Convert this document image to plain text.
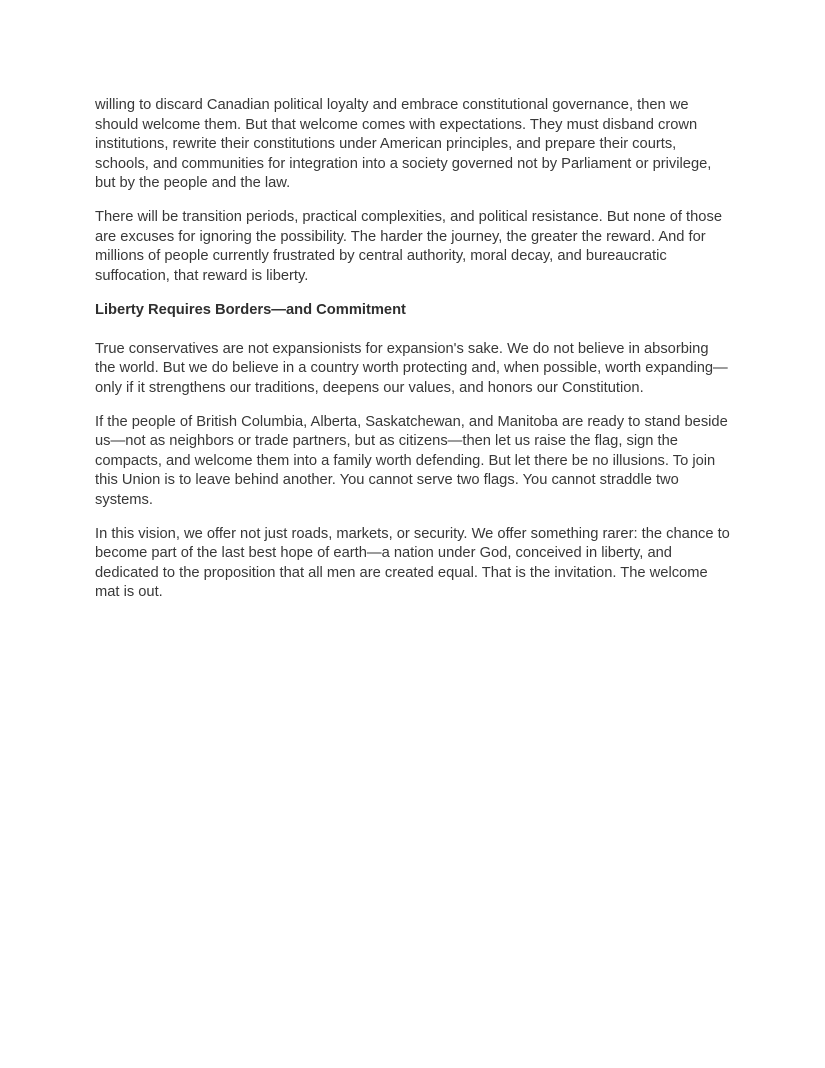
willing to discard Canadian political loyalty and embrace constitutional governance, then we should welcome them. But that welcome comes with expectations. They must disband crown institutions, rewrite their constitutions under American principles, and prepare their courts, schools, and communities for integration into a society governed not by Parliament or privilege, but by the people and the law.

There will be transition periods, practical complexities, and political resistance. But none of those are excuses for ignoring the possibility. The harder the journey, the greater the reward. And for millions of people currently frustrated by central authority, moral decay, and bureaucratic suffocation, that reward is liberty.

Liberty Requires Borders—and Commitment

True conservatives are not expansionists for expansion's sake. We do not believe in absorbing the world. But we do believe in a country worth protecting and, when possible, worth expanding—only if it strengthens our traditions, deepens our values, and honors our Constitution.

If the people of British Columbia, Alberta, Saskatchewan, and Manitoba are ready to stand beside us—not as neighbors or trade partners, but as citizens—then let us raise the flag, sign the compacts, and welcome them into a family worth defending. But let there be no illusions. To join this Union is to leave behind another. You cannot serve two flags. You cannot straddle two systems.

In this vision, we offer not just roads, markets, or security. We offer something rarer: the chance to become part of the last best hope of earth—a nation under God, conceived in liberty, and dedicated to the proposition that all men are created equal. That is the invitation. The welcome mat is out.
